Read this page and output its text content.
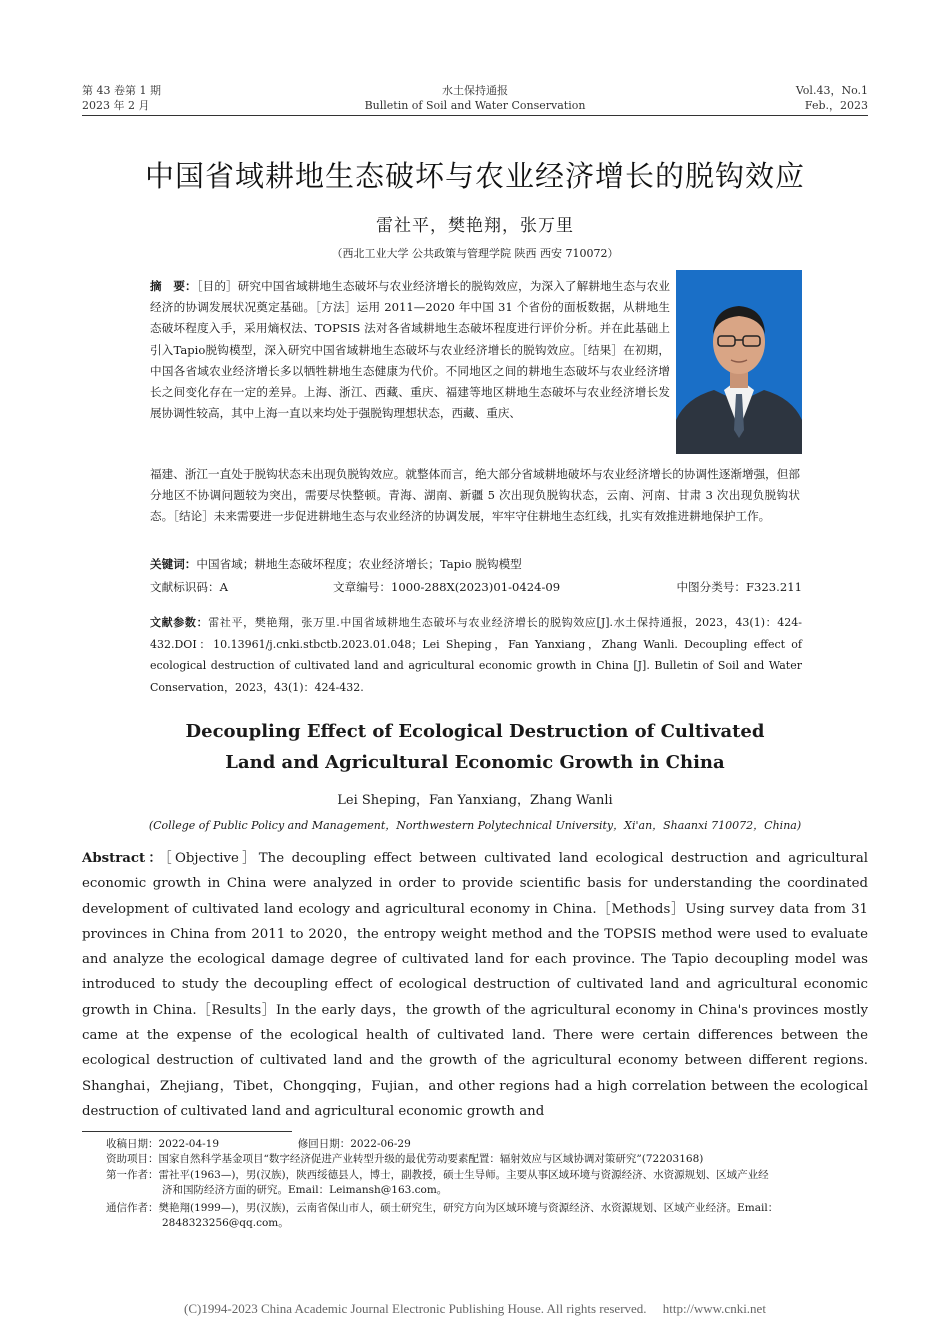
第 43 卷第 1 期
2023 年 2 月
水土保持通报
Bulletin of Soil and Water Conservation
Vol.43，No.1
Feb.，2023
中国省域耕地生态破坏与农业经济增长的脱钩效应
雷社平，樊艳翔，张万里
（西北工业大学 公共政策与管理学院 陕西 西安 710072）
摘　要：［目的］研究中国省域耕地生态破坏与农业经济增长的脱钩效应，为深入了解耕地生态与农业经济的协调发展状况奠定基础。［方法］运用 2011—2020 年中国 31 个省份的面板数据，从耕地生态破坏程度入手，采用熵权法、TOPSIS 法对各省域耕地生态破坏程度进行评价分析。并在此基础上引入Tapio脱钩模型，深入研究中国省域耕地生态破坏与农业经济增长的脱钩效应。［结果］在初期，中国各省域农业经济增长多以牺牲耕地生态健康为代价。不同地区之间的耕地生态破坏与农业经济增长之间变化存在一定的差异。上海、浙江、西藏、重庆、福建等地区耕地生态破坏与农业经济增长发展协调性较高，其中上海一直以来均处于强脱钩理想状态，西藏、重庆、
福建、浙江一直处于脱钩状态未出现负脱钩效应。就整体而言，绝大部分省域耕地破坏与农业经济增长的协调性逐渐增强，但部分地区不协调问题较为突出，需要尽快整顿。青海、湖南、新疆 5 次出现负脱钩状态，云南、河南、甘肃 3 次出现负脱钩状态。［结论］未来需要进一步促进耕地生态与农业经济的协调发展，牢牢守住耕地生态红线，扎实有效推进耕地保护工作。
关键词：中国省域；耕地生态破坏程度；农业经济增长；Tapio 脱钩模型
文献标识码：A	文章编号：1000-288X(2023)01-0424-09	中图分类号：F323.211
文献参数：雷社平，樊艳翔，张万里.中国省域耕地生态破坏与农业经济增长的脱钩效应[J].水土保持通报，2023，43(1)：424-432.DOI：10.13961/j.cnki.stbctb.2023.01.048；Lei Sheping，Fan Yanxiang，Zhang Wanli. Decoupling effect of ecological destruction of cultivated land and agricultural economic growth in China [J]. Bulletin of Soil and Water Conservation，2023，43(1)：424-432.
Decoupling Effect of Ecological Destruction of Cultivated
Land and Agricultural Economic Growth in China
Lei Sheping，Fan Yanxiang，Zhang Wanli
(College of Public Policy and Management，Northwestern Polytechnical University，Xi'an，Shaanxi 710072，China)
Abstract：［Objective］The decoupling effect between cultivated land ecological destruction and agricultural economic growth in China were analyzed in order to provide scientific basis for understanding the coordinated development of cultivated land ecology and agricultural economy in China.［Methods］Using survey data from 31 provinces in China from 2011 to 2020，the entropy weight method and the TOPSIS method were used to evaluate and analyze the ecological damage degree of cultivated land for each province. The Tapio decoupling model was introduced to study the decoupling effect of ecological destruction of cultivated land and agricultural economic growth in China.［Results］In the early days，the growth of the agricultural economy in China's provinces mostly came at the expense of the ecological health of cultivated land. There were certain differences between the ecological destruction of cultivated land and the growth of the agricultural economy between different regions. Shanghai，Zhejiang，Tibet，Chongqing，Fujian，and other regions had a high correlation between the ecological destruction of cultivated land and agricultural economic growth and
收稿日期：2022-04-19	修回日期：2022-06-29
资助项目：国家自然科学基金项目“数字经济促进产业转型升级的最优劳动要素配置：辐射效应与区域协调对策研究”(72203168)
第一作者：雷社平(1963—)，男(汉族)，陕西绥德县人，博士，副教授，硕士生导师。主要从事区域环境与资源经济、水资源规划、区域产业经
济和国防经济方面的研究。Email：Leimansh@163.com。
通信作者：樊艳翔(1999—)，男(汉族)，云南省保山市人，硕士研究生，研究方向为区域环境与资源经济、水资源规划、区域产业经济。Email：
2848323256@qq.com。
(C)1994-2023 China Academic Journal Electronic Publishing House. All rights reserved.　 http://www.cnki.net
